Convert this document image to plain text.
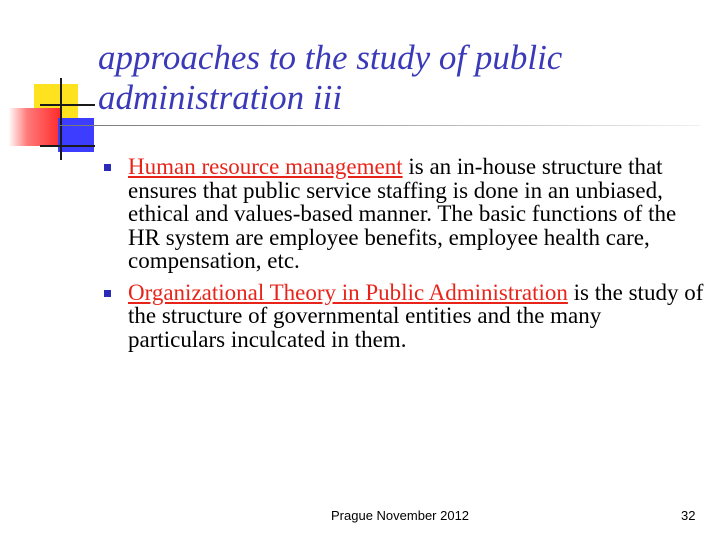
approaches to the study of public administration iii
Human resource management is an in-house structure that ensures that public service staffing is done in an unbiased, ethical and values-based manner. The basic functions of the HR system are employee benefits, employee health care, compensation, etc.
Organizational Theory in Public Administration is the study of the structure of governmental entities and the many particulars inculcated in them.
Prague November 2012	32
